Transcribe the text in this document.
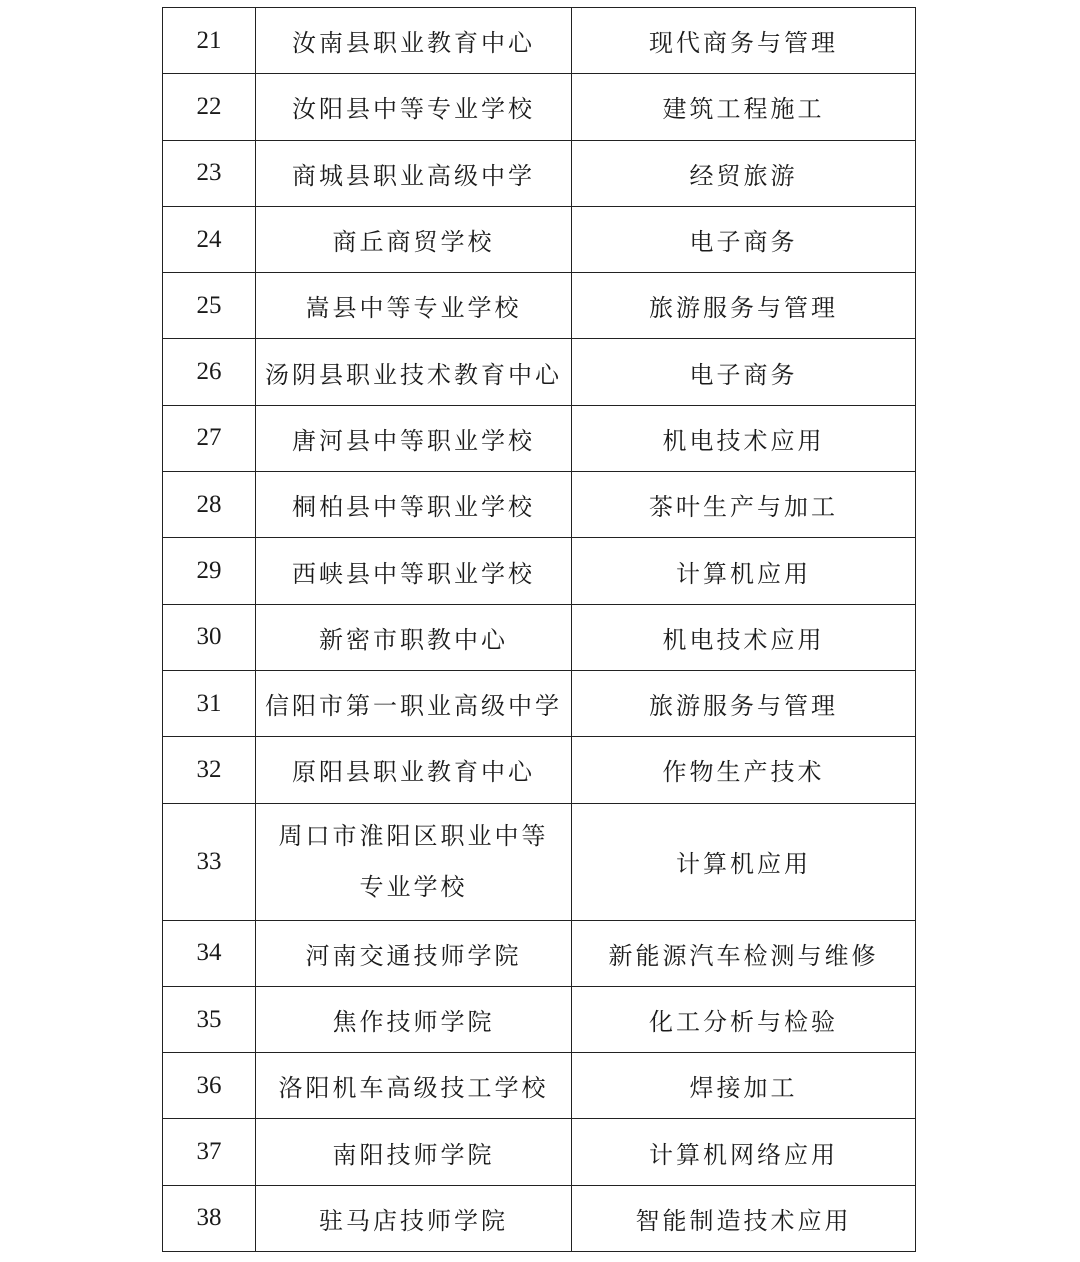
21	汝南县职业教育中心	现代商务与管理
22	汝阳县中等专业学校	建筑工程施工
23	商城县职业高级中学	经贸旅游
24	商丘商贸学校	电子商务
25	嵩县中等专业学校	旅游服务与管理
26	汤阴县职业技术教育中心	电子商务
27	唐河县中等职业学校	机电技术应用
28	桐柏县中等职业学校	茶叶生产与加工
29	西峡县中等职业学校	计算机应用
30	新密市职教中心	机电技术应用
31	信阳市第一职业高级中学	旅游服务与管理
32	原阳县职业教育中心	作物生产技术
33	周口市淮阳区职业中等专业学校	计算机应用
34	河南交通技师学院	新能源汽车检测与维修
35	焦作技师学院	化工分析与检验
36	洛阳机车高级技工学校	焊接加工
37	南阳技师学院	计算机网络应用
38	驻马店技师学院	智能制造技术应用
